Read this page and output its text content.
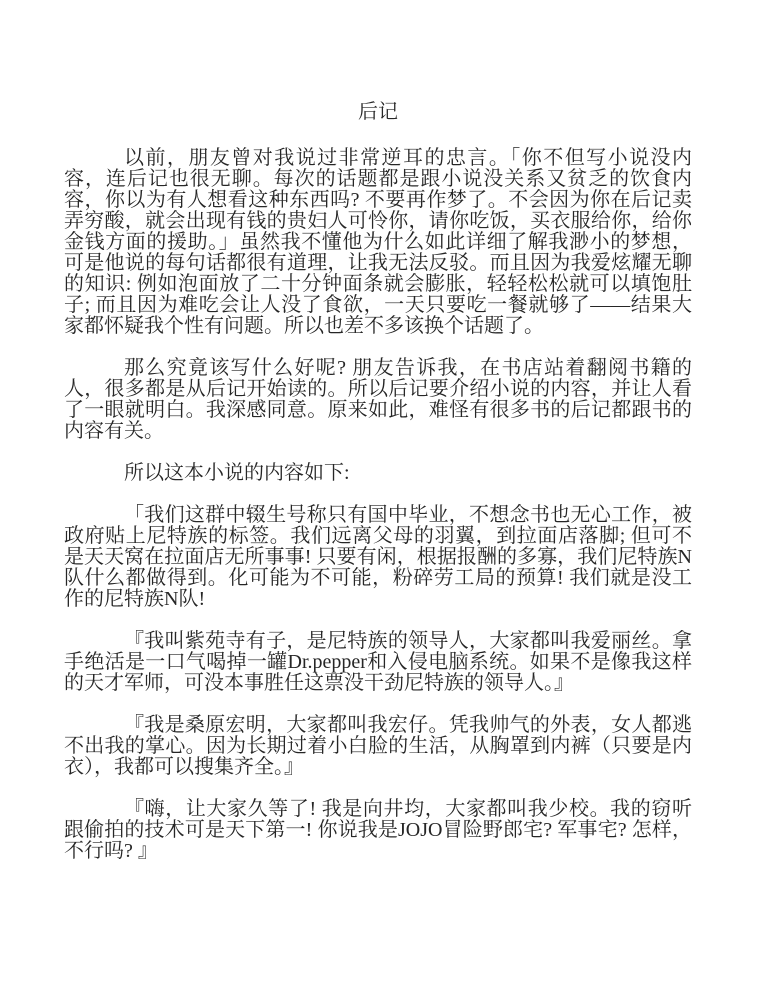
后记

以前，朋友曾对我说过非常逆耳的忠言。「你不但写小说没内容，连后记也很无聊。每次的话题都是跟小说没关系又贫乏的饮食内容，你以为有人想看这种东西吗? 不要再作梦了。不会因为你在后记卖弄穷酸，就会出现有钱的贵妇人可怜你，请你吃饭，买衣服给你，给你金钱方面的援助。」虽然我不懂他为什么如此详细了解我渺小的梦想，可是他说的每句话都很有道理，让我无法反驳。而且因为我爱炫耀无聊的知识: 例如泡面放了二十分钟面条就会膨胀，轻轻松松就可以填饱肚子; 而且因为难吃会让人没了食欲，一天只要吃一餐就够了——结果大家都怀疑我个性有问题。所以也差不多该换个话题了。

那么究竟该写什么好呢? 朋友告诉我，在书店站着翻阅书籍的人，很多都是从后记开始读的。所以后记要介绍小说的内容，并让人看了一眼就明白。我深感同意。原来如此，难怪有很多书的后记都跟书的内容有关。

所以这本小说的内容如下:

「我们这群中辍生号称只有国中毕业，不想念书也无心工作，被政府贴上尼特族的标签。我们远离父母的羽翼，到拉面店落脚; 但可不是天天窝在拉面店无所事事! 只要有闲，根据报酬的多寡，我们尼特族N队什么都做得到。化可能为不可能，粉碎劳工局的预算! 我们就是没工作的尼特族N队!

『我叫紫苑寺有子，是尼特族的领导人，大家都叫我爱丽丝。拿手绝活是一口气喝掉一罐Dr.pepper和入侵电脑系统。如果不是像我这样的天才军师，可没本事胜任这票没干劲尼特族的领导人。』

『我是桑原宏明，大家都叫我宏仔。凭我帅气的外表，女人都逃不出我的掌心。因为长期过着小白脸的生活，从胸罩到内裤（只要是内衣），我都可以搜集齐全。』

『嗨，让大家久等了! 我是向井均，大家都叫我少校。我的窃听跟偷拍的技术可是天下第一! 你说我是JOJO冒险野郎宅? 军事宅? 怎样，不行吗? 』
